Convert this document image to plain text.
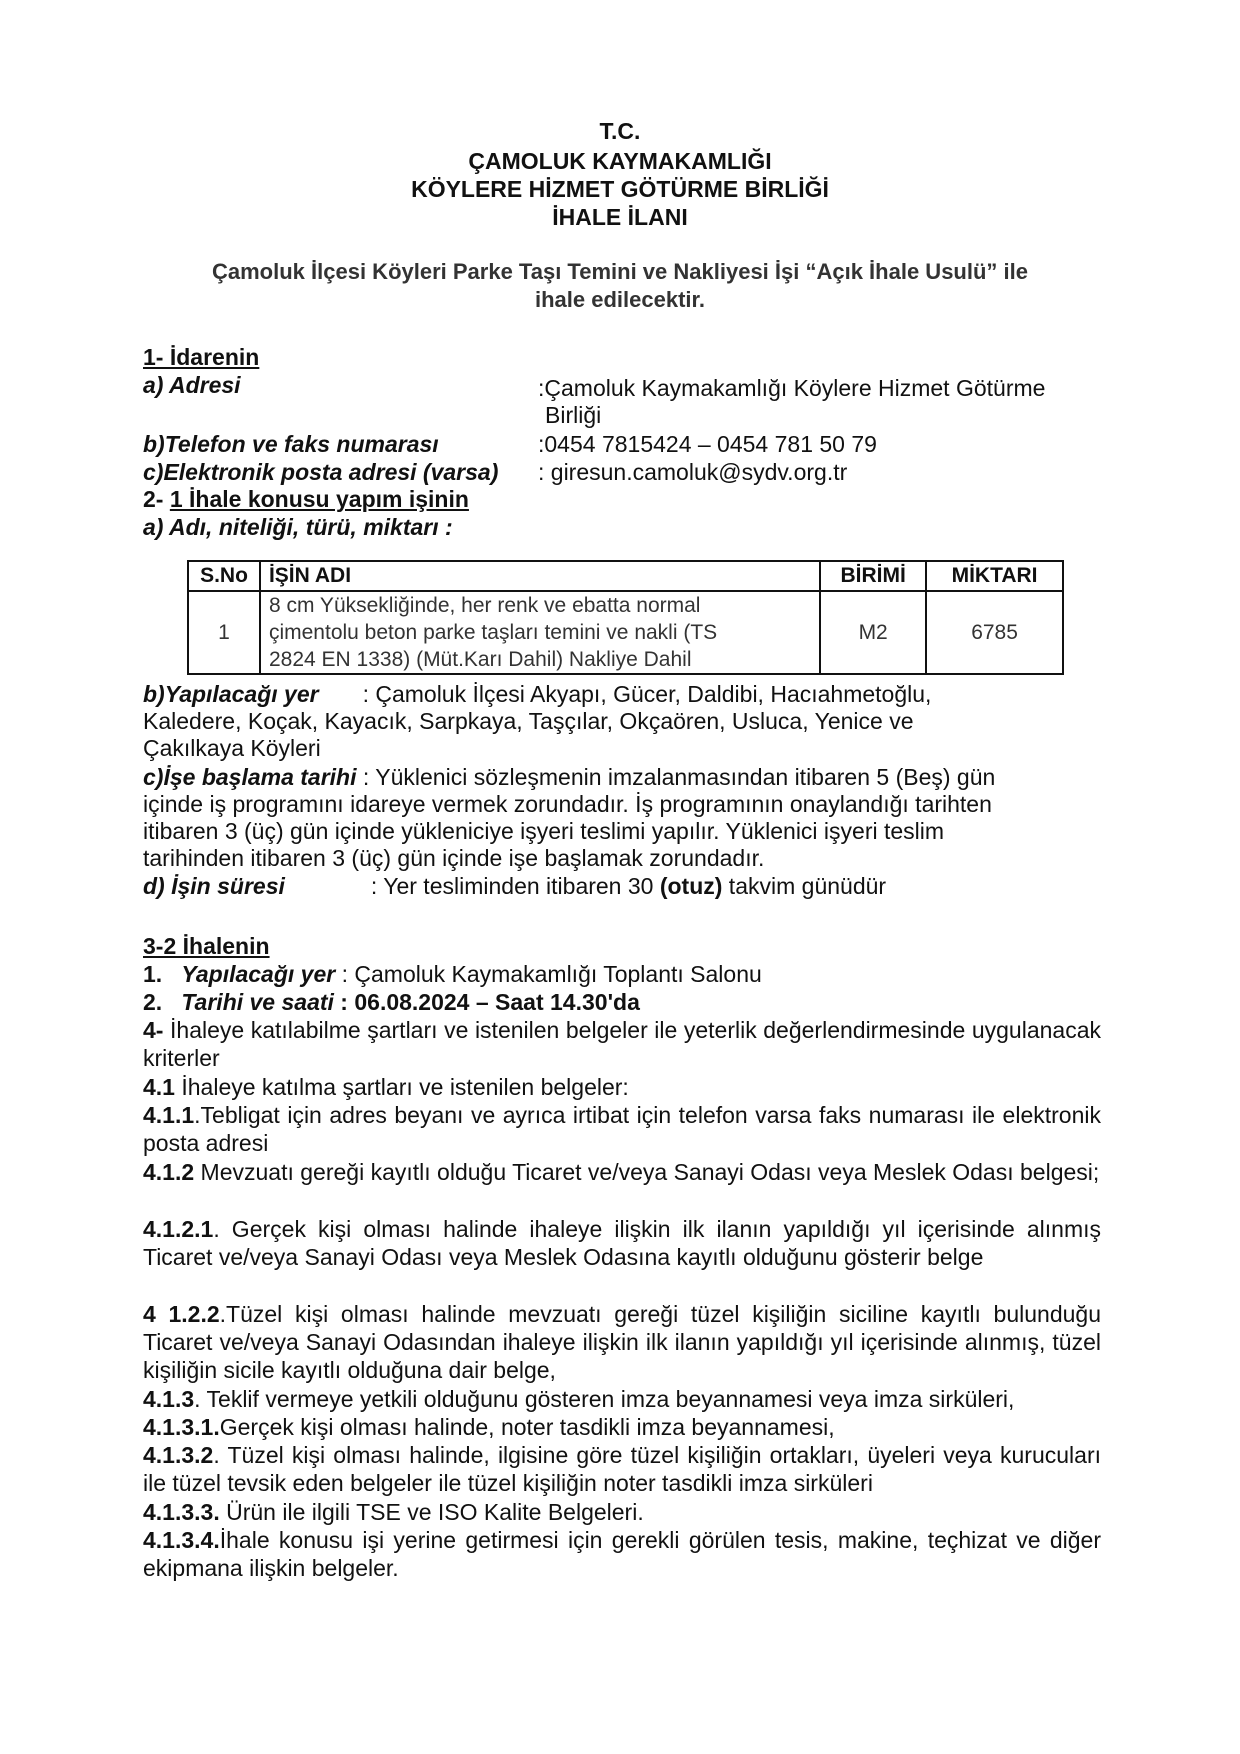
T.C.
ÇAMOLUK KAYMAKAMLIĞI
KÖYLERE HİZMET GÖTÜRME BİRLİĞİ
İHALE İLANI
Çamoluk İlçesi Köyleri Parke Taşı Temini ve Nakliyesi İşi “Açık İhale Usulü” ile
ihale edilecektir.
1- İdarenin
a) Adresi	:Çamoluk Kaymakamlığı Köylere Hizmet Götürme
Birliği
b)Telefon ve faks numarası	:0454 7815424 – 0454 781 50 79
c)Elektronik posta adresi (varsa) : giresun.camoluk@sydv.org.tr
2- 1 İhale konusu yapım işinin
a) Adı, niteliği, türü, miktarı :
S.No	İŞİN ADI	BİRİMİ	MİKTARI
1	8 cm Yüksekliğinde, her renk ve ebatta normal
çimentolu beton parke taşları temini ve nakli (TS
2824 EN 1338) (Müt.Karı Dahil) Nakliye Dahil	M2	6785
b)Yapılacağı yer : Çamoluk İlçesi Akyapı, Gücer, Daldibi, Hacıahmetoğlu,
Kaledere, Koçak, Kayacık, Sarpkaya, Taşçılar, Okçaören, Usluca, Yenice ve
Çakılkaya Köyleri
c)İşe başlama tarihi : Yüklenici sözleşmenin imzalanmasından itibaren 5 (Beş) gün
içinde iş programını idareye vermek zorundadır. İş programının onaylandığı tarihten
itibaren 3 (üç) gün içinde yükleniciye işyeri teslimi yapılır. Yüklenici işyeri teslim
tarihinden itibaren 3 (üç) gün içinde işe başlamak zorundadır.
d) İşin süresi	: Yer tesliminden itibaren 30 (otuz) takvim günüdür
3-2 İhalenin
1. Yapılacağı yer : Çamoluk Kaymakamlığı Toplantı Salonu
2. Tarihi ve saati : 06.08.2024 – Saat 14.30'da
4- İhaleye katılabilme şartları ve istenilen belgeler ile yeterlik değerlendirmesinde uygulanacak kriterler
4.1 İhaleye katılma şartları ve istenilen belgeler:
4.1.1.Tebligat için adres beyanı ve ayrıca irtibat için telefon varsa faks numarası ile elektronik posta adresi
4.1.2 Mevzuatı gereği kayıtlı olduğu Ticaret ve/veya Sanayi Odası veya Meslek Odası belgesi;
4.1.2.1. Gerçek kişi olması halinde ihaleye ilişkin ilk ilanın yapıldığı yıl içerisinde alınmış Ticaret ve/veya Sanayi Odası veya Meslek Odasına kayıtlı olduğunu gösterir belge
4 1.2.2.Tüzel kişi olması halinde mevzuatı gereği tüzel kişiliğin siciline kayıtlı bulunduğu Ticaret ve/veya Sanayi Odasından ihaleye ilişkin ilk ilanın yapıldığı yıl içerisinde alınmış, tüzel kişiliğin sicile kayıtlı olduğuna dair belge,
4.1.3. Teklif vermeye yetkili olduğunu gösteren imza beyannamesi veya imza sirküleri,
4.1.3.1.Gerçek kişi olması halinde, noter tasdikli imza beyannamesi,
4.1.3.2. Tüzel kişi olması halinde, ilgisine göre tüzel kişiliğin ortakları, üyeleri veya kurucuları ile tüzel tevsik eden belgeler ile tüzel kişiliğin noter tasdikli imza sirküleri
4.1.3.3. Ürün ile ilgili TSE ve ISO Kalite Belgeleri.
4.1.3.4.İhale konusu işi yerine getirmesi için gerekli görülen tesis, makine, teçhizat ve diğer ekipmana ilişkin belgeler.
